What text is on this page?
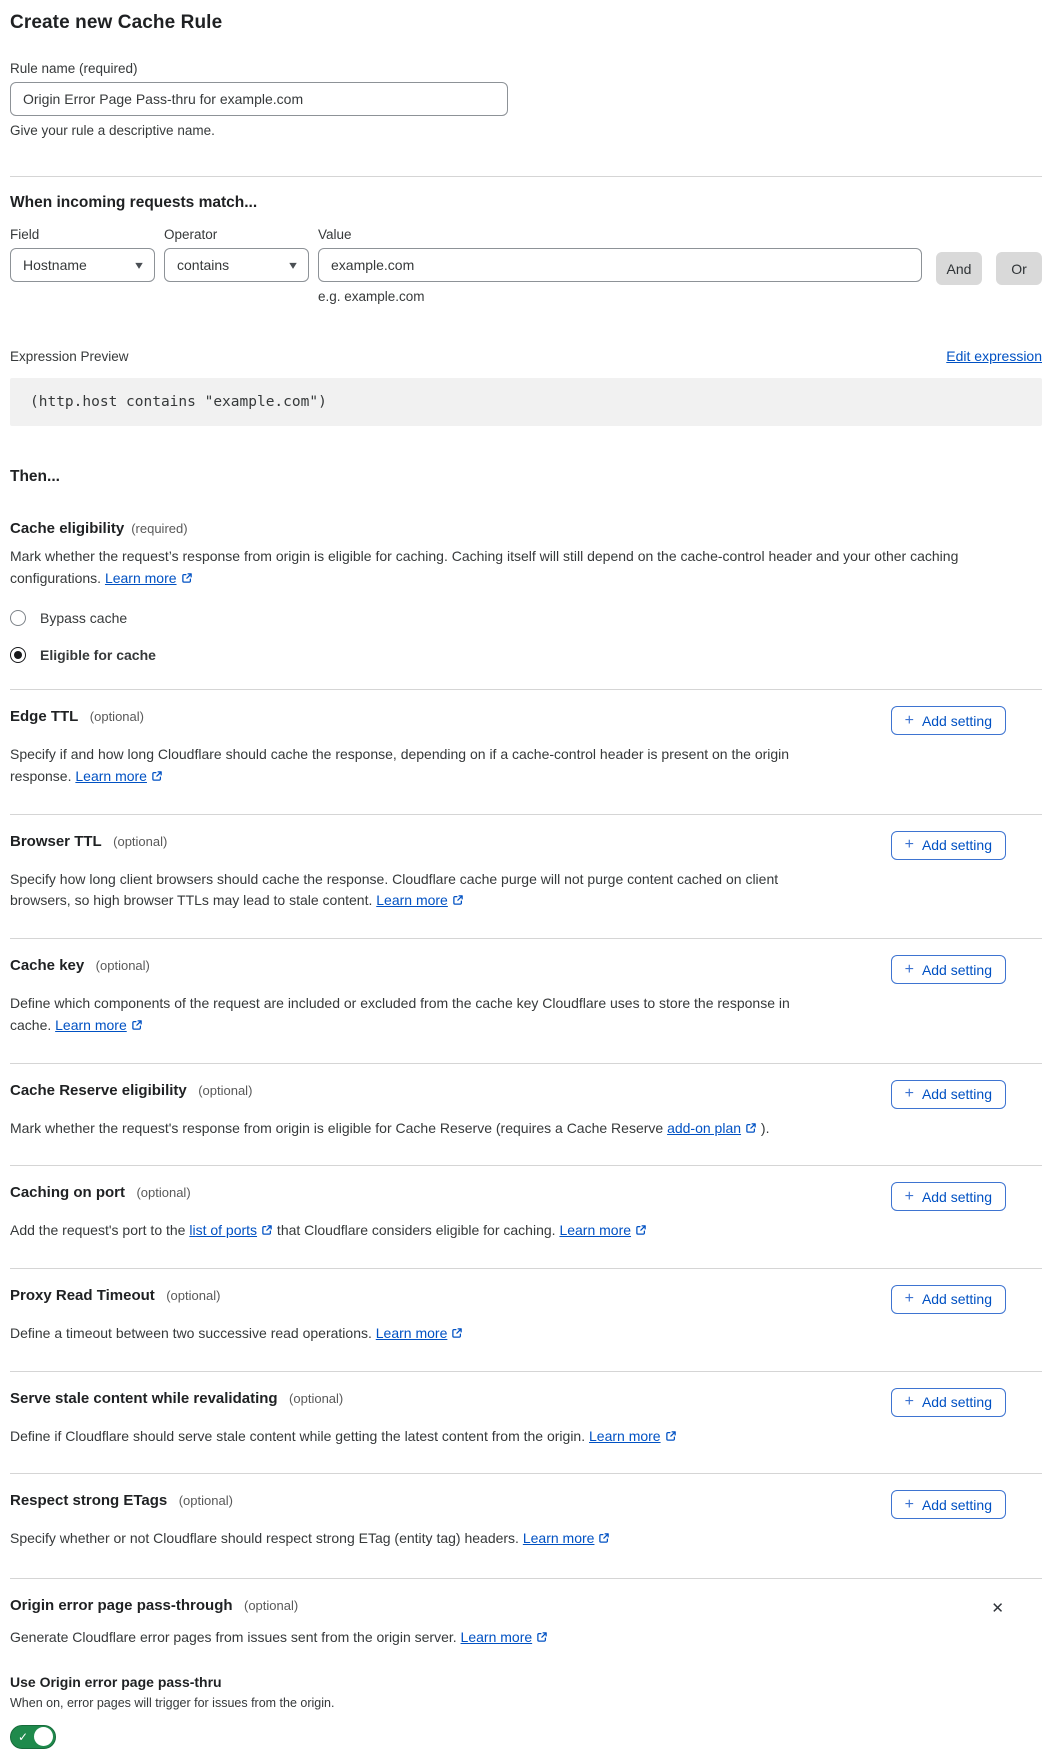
Create new Cache Rule
Rule name (required)
Origin Error Page Pass-thru for example.com
Give your rule a descriptive name.
When incoming requests match...
Field
Hostname	▾
Operator
contains	▾
Value
example.com
e.g. example.com
And	Or
Expression Preview	Edit expression
(http.host contains "example.com")
Then...
Cache eligibility (required)

Mark whether the request’s response from origin is eligible for caching. Caching itself will still depend on the cache-control header and your other caching configurations. Learn more

Bypass cache
Eligible for cache
Edge TTL (optional)	+ Add setting

Specify if and how long Cloudflare should cache the response, depending on if a cache-control header is present on the origin response. Learn more

Browser TTL (optional)	+ Add setting

Specify how long client browsers should cache the response. Cloudflare cache purge will not purge content cached on client browsers, so high browser TTLs may lead to stale content. Learn more

Cache key (optional)	+ Add setting

Define which components of the request are included or excluded from the cache key Cloudflare uses to store the response in cache. Learn more

Cache Reserve eligibility (optional)	+ Add setting

Mark whether the request's response from origin is eligible for Cache Reserve (requires a Cache Reserve add-on plan ).

Caching on port (optional)	+ Add setting

Add the request's port to the list of ports that Cloudflare considers eligible for caching. Learn more

Proxy Read Timeout (optional)	+ Add setting

Define a timeout between two successive read operations. Learn more

Serve stale content while revalidating (optional)	+ Add setting

Define if Cloudflare should serve stale content while getting the latest content from the origin. Learn more

Respect strong ETags (optional)	+ Add setting

Specify whether or not Cloudflare should respect strong ETag (entity tag) headers. Learn more

Origin error page pass-through (optional)	✕

Generate Cloudflare error pages from issues sent from the origin server. Learn more

Use Origin error page pass-thru
When on, error pages will trigger for issues from the origin.
✓
